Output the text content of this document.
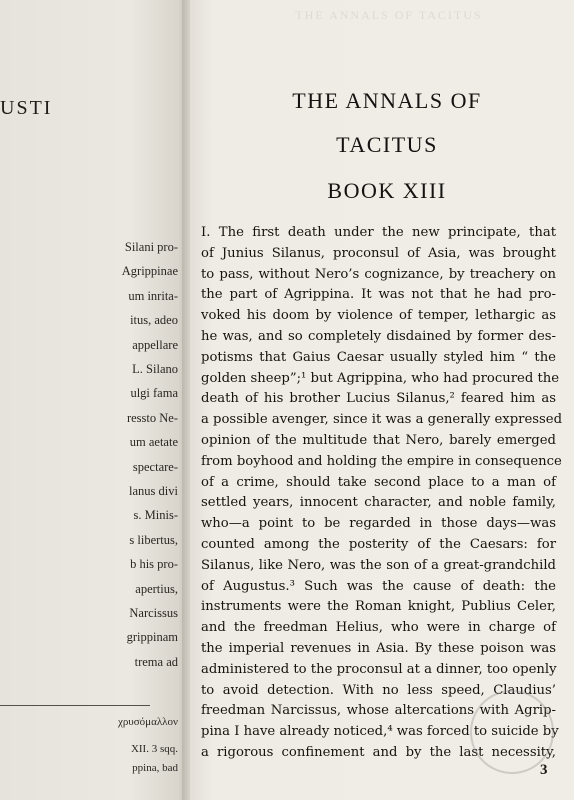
USTI
Silani pro-
Agrippinae
um inrita-
itus, adeo
appellare
L. Silano
ulgi fama
ressto Ne-
um aetate
spectare-
lanus divi
s. Minis-
s libertus,
b his pro-
apertius,
Narcissus
grippinam
trema ad
χρυσόμαλλον
XII. 3 sqq.
ppina, bad
THE ANNALS OF TACITUS
THE ANNALS OF
TACITUS
BOOK XIII
I. The first death under the new principate, that
of Junius Silanus, proconsul of Asia, was brought
to pass, without Nero’s cognizance, by treachery on
the part of Agrippina. It was not that he had pro-
voked his doom by violence of temper, lethargic as
he was, and so completely disdained by former des-
potisms that Gaius Caesar usually styled him “ the
golden sheep”;¹ but Agrippina, who had procured the
death of his brother Lucius Silanus,² feared him as
a possible avenger, since it was a generally expressed
opinion of the multitude that Nero, barely emerged
from boyhood and holding the empire in consequence
of a crime, should take second place to a man of
settled years, innocent character, and noble family,
who—a point to be regarded in those days—was
counted among the posterity of the Caesars: for
Silanus, like Nero, was the son of a great-grandchild
of Augustus.³ Such was the cause of death: the
instruments were the Roman knight, Publius Celer,
and the freedman Helius, who were in charge of
the imperial revenues in Asia. By these poison was
administered to the proconsul at a dinner, too openly
to avoid detection. With no less speed, Claudius’
freedman Narcissus, whose altercations with Agrip-
pina I have already noticed,⁴ was forced to suicide by
a rigorous confinement and by the last necessity,
3
